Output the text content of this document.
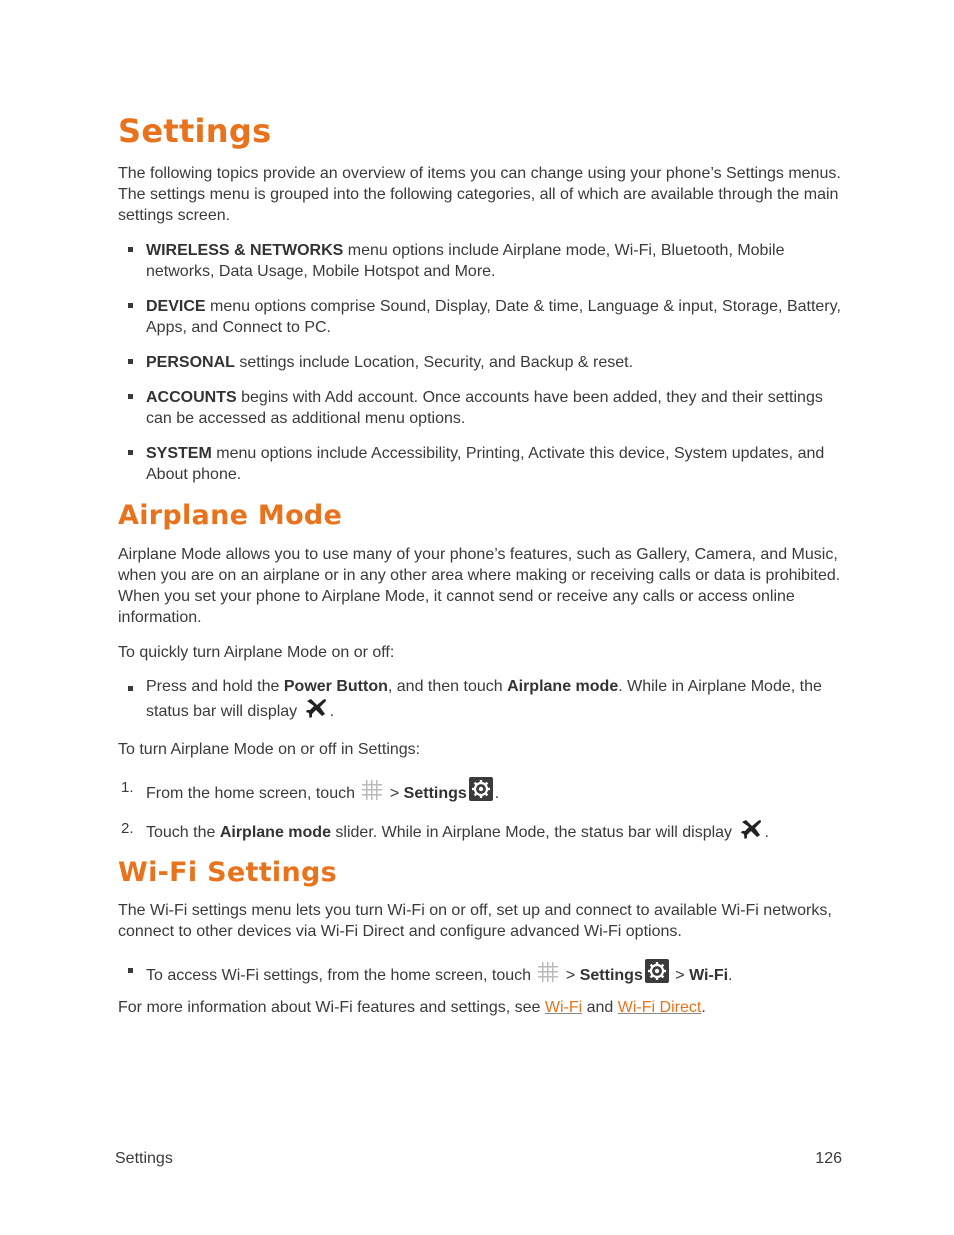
Settings

The following topics provide an overview of items you can change using your phone’s Settings menus. The settings menu is grouped into the following categories, all of which are available through the main settings screen.

WIRELESS & NETWORKS menu options include Airplane mode, Wi-Fi, Bluetooth, Mobile networks, Data Usage, Mobile Hotspot and More.
DEVICE menu options comprise Sound, Display, Date & time, Language & input, Storage, Battery, Apps, and Connect to PC.
PERSONAL settings include Location, Security, and Backup & reset.
ACCOUNTS begins with Add account. Once accounts have been added, they and their settings can be accessed as additional menu options.
SYSTEM menu options include Accessibility, Printing, Activate this device, System updates, and About phone.
Airplane Mode

Airplane Mode allows you to use many of your phone’s features, such as Gallery, Camera, and Music, when you are on an airplane or in any other area where making or receiving calls or data is prohibited. When you set your phone to Airplane Mode, it cannot send or receive any calls or access online information.

To quickly turn Airplane Mode on or off:

Press and hold the Power Button, and then touch Airplane mode. While in Airplane Mode, the status bar will display .

To turn Airplane Mode on or off in Settings:

1. From the home screen, touch  > Settings .
2. Touch the Airplane mode slider. While in Airplane Mode, the status bar will display .
Wi-Fi Settings

The Wi-Fi settings menu lets you turn Wi-Fi on or off, set up and connect to available Wi-Fi networks, connect to other devices via Wi-Fi Direct and configure advanced Wi-Fi options.

To access Wi-Fi settings, from the home screen, touch  > Settings > Wi-Fi.

For more information about Wi-Fi features and settings, see Wi-Fi and Wi-Fi Direct.

Settings	126
